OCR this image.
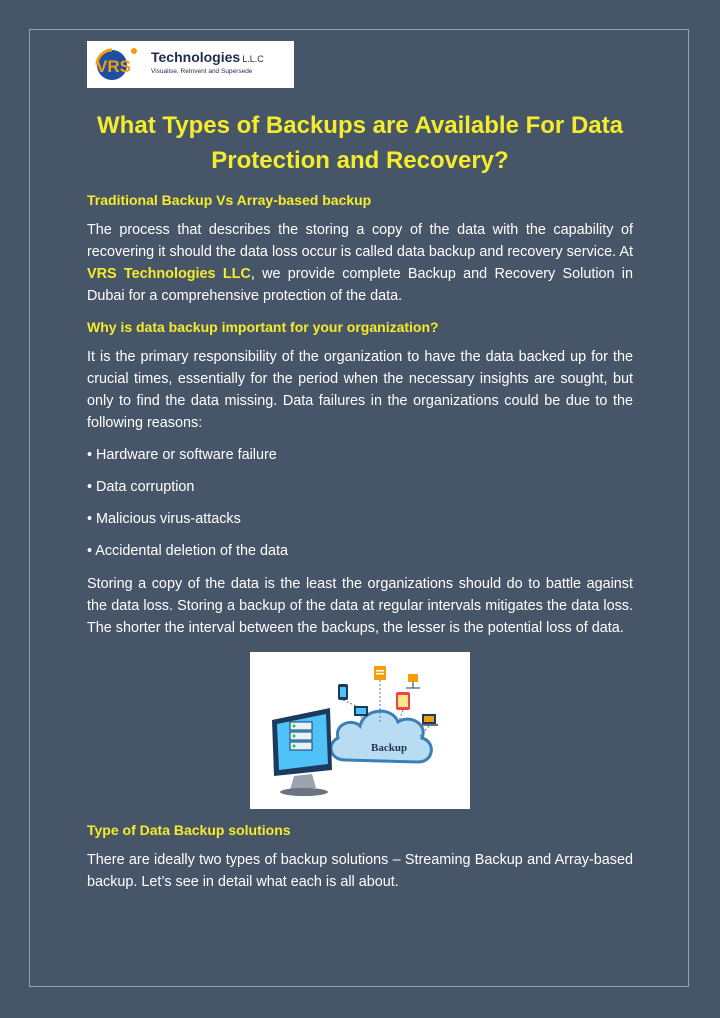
VRS Technologies L.L.C
Visualise, ReInvent and Supersede
What Types of Backups are Available For Data Protection and Recovery?
Traditional Backup Vs Array-based backup

The process that describes the storing a copy of the data with the capability of recovering it should the data loss occur is called data backup and recovery service. At VRS Technologies LLC, we provide complete Backup and Recovery Solution in Dubai for a comprehensive protection of the data.

Why is data backup important for your organization?

It is the primary responsibility of the organization to have the data backed up for the crucial times, essentially for the period when the necessary insights are sought, but only to find the data missing. Data failures in the organizations could be due to the following reasons:

• Hardware or software failure
• Data corruption
• Malicious virus-attacks
• Accidental deletion of the data

Storing a copy of the data is the least the organizations should do to battle against the data loss. Storing a backup of the data at regular intervals mitigates the data loss. The shorter the interval between the backups, the lesser is the potential loss of data.

Backup
Type of Data Backup solutions

There are ideally two types of backup solutions – Streaming Backup and Array-based backup. Let’s see in detail what each is all about.
